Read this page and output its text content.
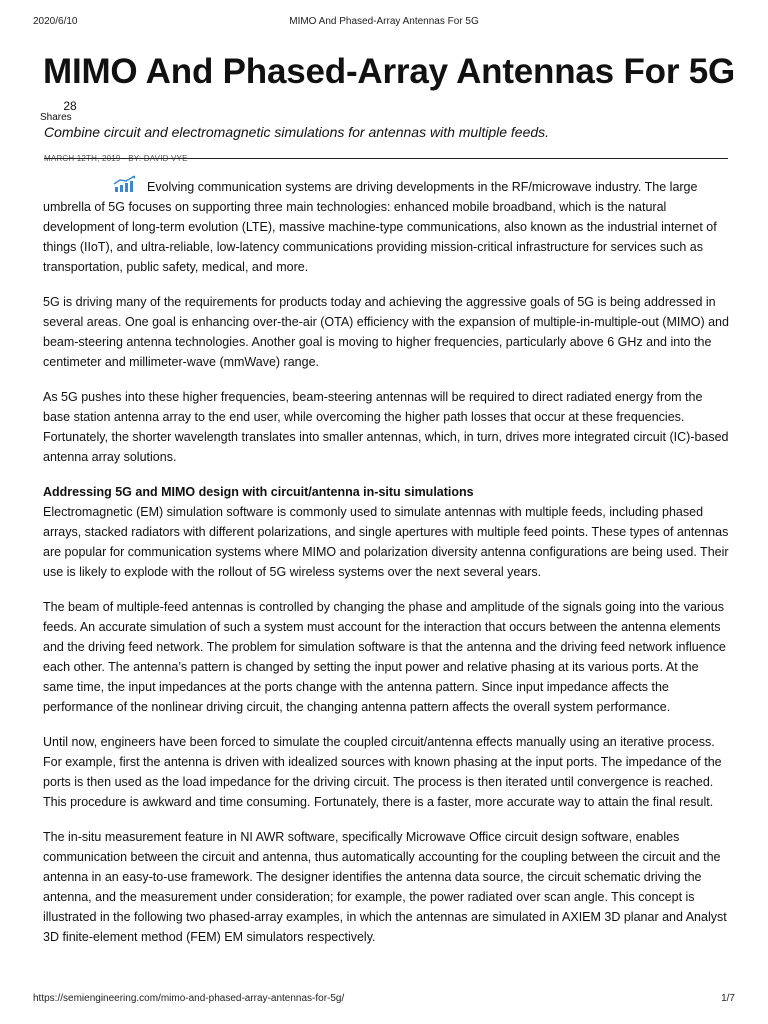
2020/6/10	MIMO And Phased-Array Antennas For 5G
MIMO And Phased-Array Antennas For 5G
28
Shares

Combine circuit and electromagnetic simulations for antennas with multiple feeds.

Evolving communication systems are driving developments in the RF/microwave industry. The large umbrella of 5G focuses on supporting three main technologies: enhanced mobile broadband, which is the natural development of long-term evolution (LTE), massive machine-type communications, also known as the industrial internet of things (IIoT), and ultra-reliable, low-latency communications providing mission-critical infrastructure for services such as transportation, public safety, medical, and more.

5G is driving many of the requirements for products today and achieving the aggressive goals of 5G is being addressed in several areas. One goal is enhancing over-the-air (OTA) efficiency with the expansion of multiple-in-multiple-out (MIMO) and beam-steering antenna technologies. Another goal is moving to higher frequencies, particularly above 6 GHz and into the centimeter and millimeter-wave (mmWave) range.

As 5G pushes into these higher frequencies, beam-steering antennas will be required to direct radiated energy from the base station antenna array to the end user, while overcoming the higher path losses that occur at these frequencies. Fortunately, the shorter wavelength translates into smaller antennas, which, in turn, drives more integrated circuit (IC)-based antenna array solutions.

Addressing 5G and MIMO design with circuit/antenna in-situ simulations

Electromagnetic (EM) simulation software is commonly used to simulate antennas with multiple feeds, including phased arrays, stacked radiators with different polarizations, and single apertures with multiple feed points. These types of antennas are popular for communication systems where MIMO and polarization diversity antenna configurations are being used. Their use is likely to explode with the rollout of 5G wireless systems over the next several years.

The beam of multiple-feed antennas is controlled by changing the phase and amplitude of the signals going into the various feeds. An accurate simulation of such a system must account for the interaction that occurs between the antenna elements and the driving feed network. The problem for simulation software is that the antenna and the driving feed network influence each other. The antenna’s pattern is changed by setting the input power and relative phasing at its various ports. At the same time, the input impedances at the ports change with the antenna pattern. Since input impedance affects the performance of the nonlinear driving circuit, the changing antenna pattern affects the overall system performance.

Until now, engineers have been forced to simulate the coupled circuit/antenna effects manually using an iterative process. For example, first the antenna is driven with idealized sources with known phasing at the input ports. The impedance of the ports is then used as the load impedance for the driving circuit. The process is then iterated until convergence is reached. This procedure is awkward and time consuming. Fortunately, there is a faster, more accurate way to attain the final result.

The in-situ measurement feature in NI AWR software, specifically Microwave Office circuit design software, enables communication between the circuit and antenna, thus automatically accounting for the coupling between the circuit and the antenna in an easy-to-use framework. The designer identifies the antenna data source, the circuit schematic driving the antenna, and the measurement under consideration; for example, the power radiated over scan angle. This concept is illustrated in the following two phased-array examples, in which the antennas are simulated in AXIEM 3D planar and Analyst 3D finite-element method (FEM) EM simulators respectively.

https://semiengineering.com/mimo-and-phased-array-antennas-for-5g/	1/7
